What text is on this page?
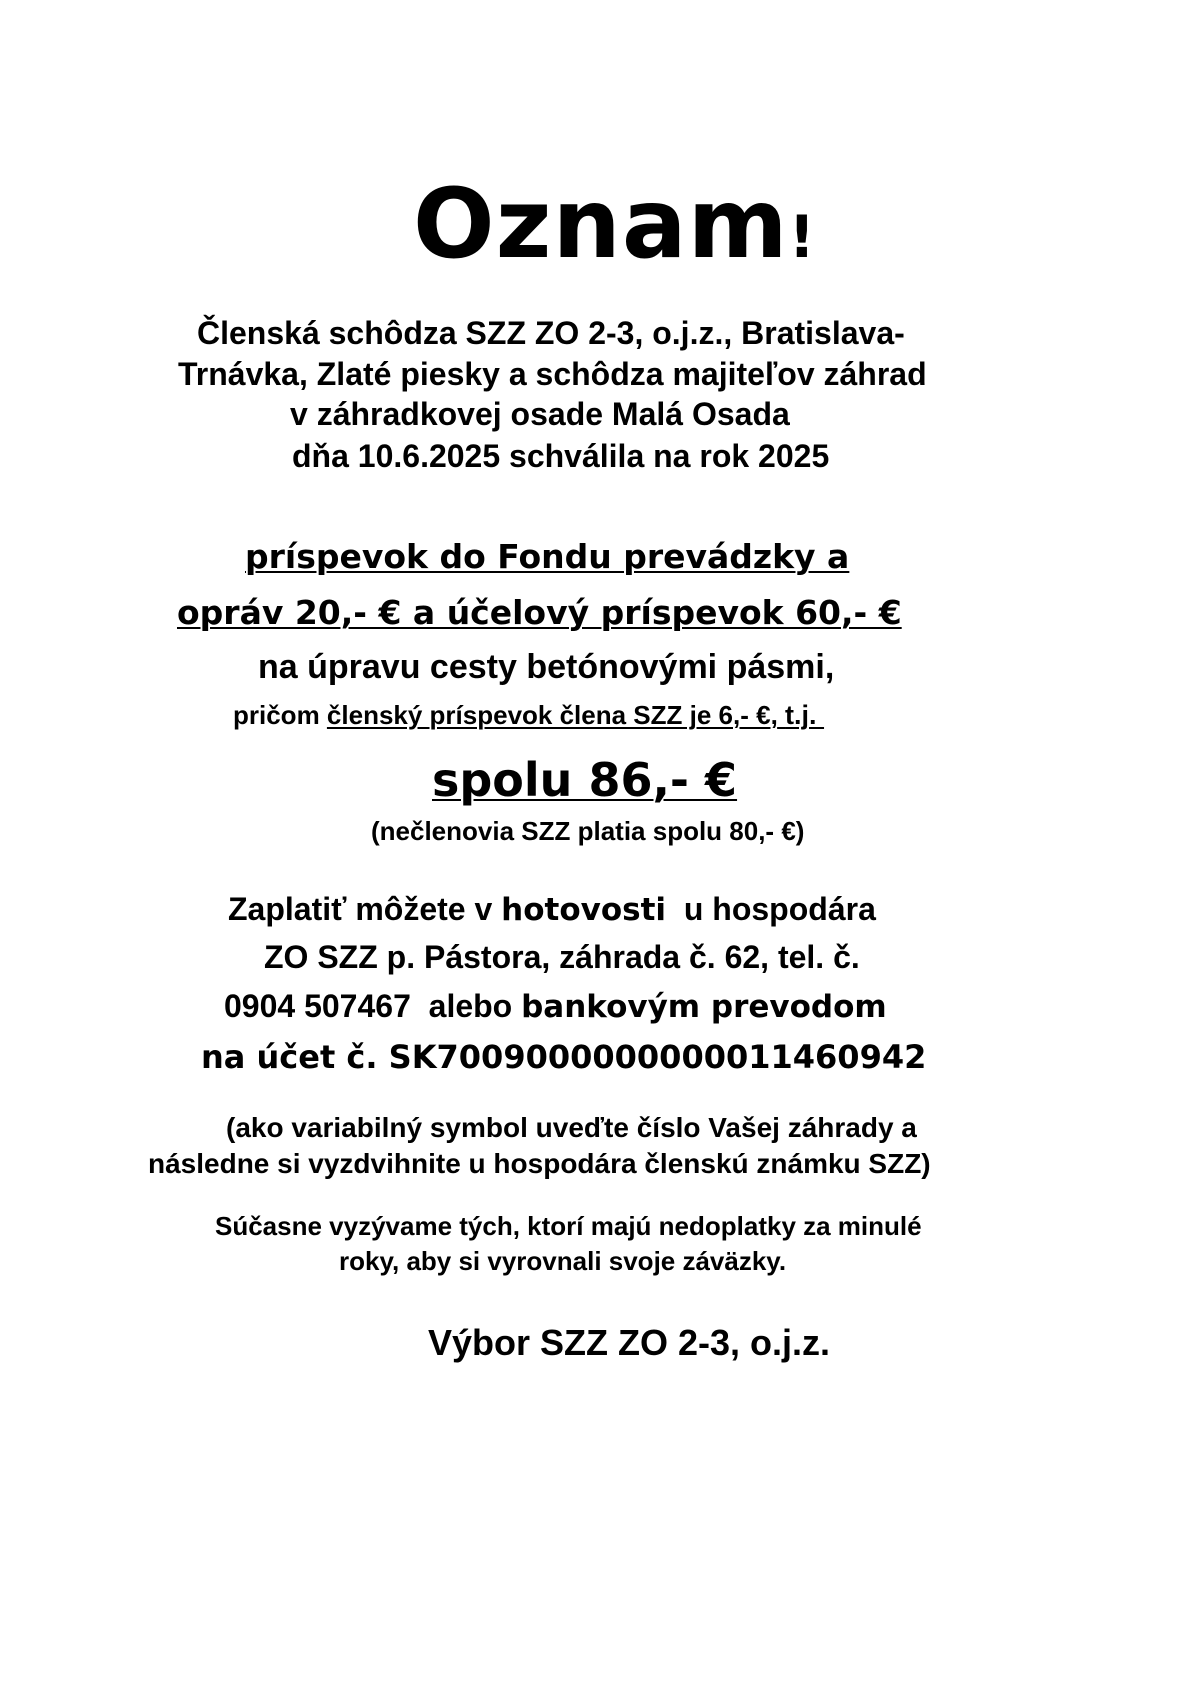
Oznam!
Členská schôdza SZZ ZO 2-3, o.j.z., Bratislava-
Trnávka, Zlaté piesky a schôdza majiteľov záhrad
v záhradkovej osade Malá Osada
dňa 10.6.2025 schválila na rok 2025
príspevok do Fondu prevádzky a
opráv 20,- € a účelový príspevok 60,- €
na úpravu cesty betónovými pásmi,
pričom členský príspevok člena SZZ je 6,- €, t.j.
spolu 86,- €
(nečlenovia SZZ platia spolu 80,- €)
Zaplatiť môžete v hotovosti  u hospodára
ZO SZZ p. Pástora, záhrada č. 62, tel. č.
0904 507467  alebo bankovým prevodom
na účet č. SK7009000000000011460942
(ako variabilný symbol uveďte číslo Vašej záhrady a
následne si vyzdvihnite u hospodára členskú známku SZZ)
Súčasne vyzývame tých, ktorí majú nedoplatky za minulé
roky, aby si vyrovnali svoje záväzky.
Výbor SZZ ZO 2-3, o.j.z.
